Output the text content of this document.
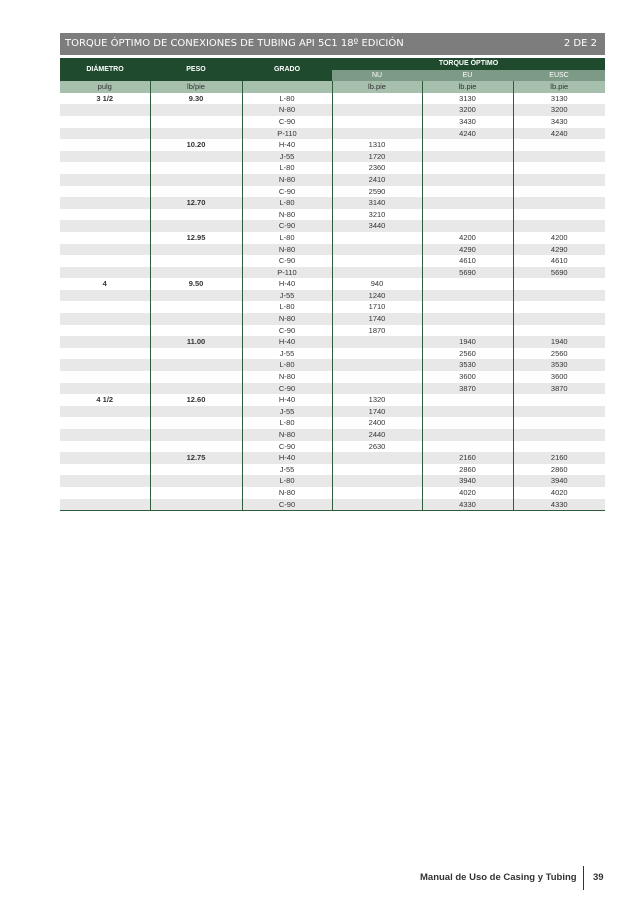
TORQUE ÓPTIMO DE CONEXIONES DE TUBING API 5C1 18º EDICIÓN	2 DE 2
DIÁMETRO	PESO	GRADO	TORQUE ÓPTIMO		
			NU	EU	EUSC
pulg	lb/pie		lb.pie	lb.pie	lb.pie
3 1/2	9.30	L-80		3130	3130
		N-80		3200	3200
		C-90		3430	3430
		P-110		4240	4240
	10.20	H-40	1310		
		J-55	1720		
		L-80	2360		
		N-80	2410		
		C-90	2590		
	12.70	L-80	3140		
		N-80	3210		
		C-90	3440		
	12.95	L-80		4200	4200
		N-80		4290	4290
		C-90		4610	4610
		P-110		5690	5690
4	9.50	H-40	940		
		J-55	1240		
		L-80	1710		
		N-80	1740		
		C-90	1870		
	11.00	H-40		1940	1940
		J-55		2560	2560
		L-80		3530	3530
		N-80		3600	3600
		C-90		3870	3870
4 1/2	12.60	H-40	1320		
		J-55	1740		
		L-80	2400		
		N-80	2440		
		C-90	2630		
	12.75	H-40		2160	2160
		J-55		2860	2860
		L-80		3940	3940
		N-80		4020	4020
		C-90		4330	4330
Manual de Uso de Casing y Tubing 39
